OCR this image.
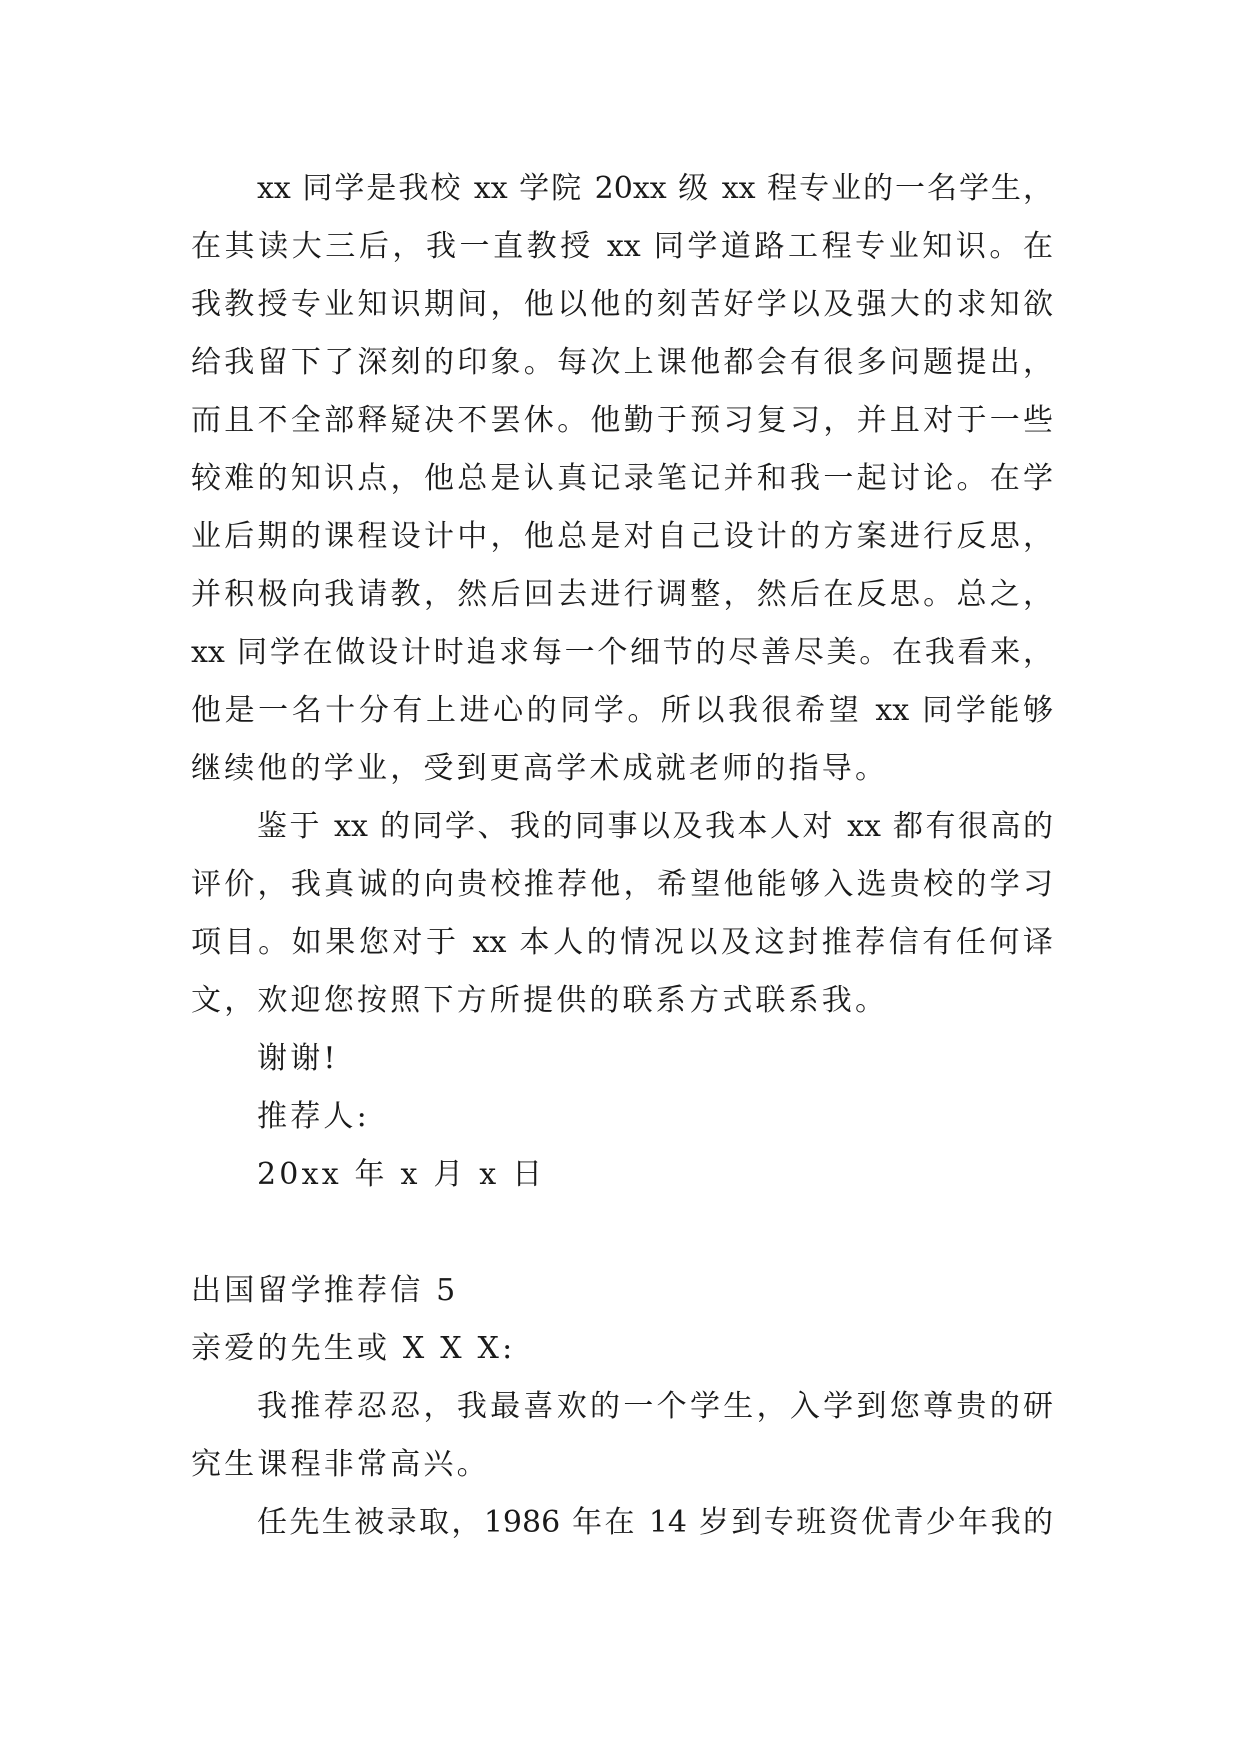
xx 同学是我校 xx 学院 20xx 级 xx 程专业的一名学生，
在其读大三后，我一直教授 xx 同学道路工程专业知识。在
我教授专业知识期间，他以他的刻苦好学以及强大的求知欲
给我留下了深刻的印象。每次上课他都会有很多问题提出，
而且不全部释疑决不罢休。他勤于预习复习，并且对于一些
较难的知识点，他总是认真记录笔记并和我一起讨论。在学
业后期的课程设计中，他总是对自己设计的方案进行反思，
并积极向我请教，然后回去进行调整，然后在反思。总之，
xx 同学在做设计时追求每一个细节的尽善尽美。在我看来，
他是一名十分有上进心的同学。所以我很希望 xx 同学能够
继续他的学业，受到更高学术成就老师的指导。
鉴于 xx 的同学、我的同事以及我本人对 xx 都有很高的
评价，我真诚的向贵校推荐他，希望他能够入选贵校的学习
项目。如果您对于 xx 本人的情况以及这封推荐信有任何译
文，欢迎您按照下方所提供的联系方式联系我。
谢谢!
推荐人:
20xx 年 x 月 x 日
出国留学推荐信 5
亲爱的先生或 X X X:
我推荐忍忍，我最喜欢的一个学生，入学到您尊贵的研
究生课程非常高兴。
任先生被录取，1986 年在 14 岁到专班资优青少年我的
